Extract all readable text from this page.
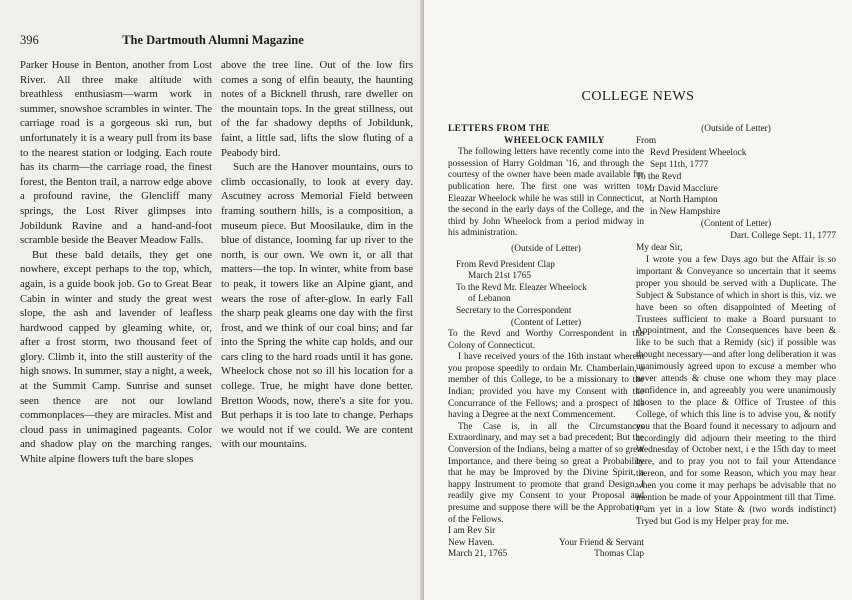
396	The Dartmouth Alumni Magazine

Parker House in Benton, another from Lost River. All three make altitude with breathless enthusiasm—warm work in summer, snowshoe scrambles in winter. The carriage road is a gorgeous ski run, but unfortunately it is a weary pull from its base to the nearest station or lodging. Each route has its charm—the carriage road, the finest forest, the Benton trail, a narrow edge above a profound ravine, the Glencliff many springs, the Lost River glimpses into Jobildunk Ravine and a hand-and-foot scramble beside the Beaver Meadow Falls.

But these bald details, they get one nowhere, except perhaps to the top, which, again, is a guide book job. Go to Great Bear Cabin in winter and study the great west slope, the ash and lavender of leafless hardwood capped by gleaming white, or, after a frost storm, two thousand feet of glory. Climb it, into the still austerity of the high snows. In summer, stay a night, a week, at the Summit Camp. Sunrise and sunset seen thence are not our lowland commonplaces—they are miracles. Mist and cloud pass in unimagined pageants. Color and shadow play on the marching ranges. White alpine flowers tuft the bare slopes

above the tree line. Out of the low firs comes a song of elfin beauty, the haunting notes of a Bicknell thrush, rare dweller on the mountain tops. In the great stillness, out of the far shadowy depths of Jobildunk, faint, a little sad, lifts the slow fluting of a Peabody bird.

Such are the Hanover mountains, ours to climb occasionally, to look at every day. Ascutney across Memorial Field between framing southern hills, is a composition, a museum piece. But Moosilauke, dim in the blue of distance, looming far up river to the north, is our own. We own it, or all that matters—the top. In winter, white from base to peak, it towers like an Alpine giant, and wears the rose of after-glow. In early Fall the sharp peak gleams one day with the first frost, and we think of our coal bins; and far into the Spring the white cap holds, and our cars cling to the hard roads until it has gone. Wheelock chose not so ill his location for a college. True, he might have done better. Bretton Woods, now, there's a site for you. But perhaps it is too late to change. Perhaps we would not if we could. We are content with our mountains.

COLLEGE NEWS
LETTERS FROM THE
WHEELOCK FAMILY

The following letters have recently come into the possession of Harry Goldman '16, and through the courtesy of the owner have been made available for publication here. The first one was written to Eleazar Wheelock while he was still in Connecticut, the second in the early days of the College, and the third by John Wheelock from a period midway in his administration.

(Outside of Letter)
From Revd President Clap
March 21st 1765
To the Revd Mr. Eleazer Wheelock
of Lebanon
Secretary to the Correspondent
(Content of Letter)

To the Revd and Worthy Correspondent in the Colony of Connecticut.

I have received yours of the 16th instant wherein you propose speedily to ordain Mr. Chamberlain, a member of this College, to be a missionary to the Indian; provided you have my Consent with the Concurrance of the Fellows; and a prospect of his having a Degree at the next Commencement.

The Case is, in all the Circumstances Extraordinary, and may set a bad precedent; But the Conversion of the Indians, being a matter of so great Importance, and there being so great a Probability that he may be Improved by the Divine Spirit, a happy Instrument to promote that grand Design, I readily give my Consent to your Proposal and presume and suppose there will be the Approbation of the Fellows.

I am Rev Sir
New Haven.	Your Friend & Servant
March 21, 1765	Thomas Clap
(Outside of Letter)
From
Revd President Wheelock
Sept 11th, 1777
To the Revd
Mr David Macclure
at North Hampton
in New Hampshire
(Content of Letter)
Dart. College Sept. 11, 1777
My dear Sir,

I wrote you a few Days ago but the Affair is so important & Conveyance so uncertain that it seems proper you should be served with a Duplicate. The Subject & Substance of which in short is this, viz. we have been so often disappointed of Meeting of Trustees sufficient to make a Board pursuant to Appointment, and the Consequences have been & like to be such that a Remidy (sic) if possible was thought necessary—and after long deliberation it was unanimously agreed upon to excuse a member who never attends & chuse one whom they may place confidence in, and agreeably you were unanimously chosen to the place & Office of Trustee of this College, of which this line is to advise you, & notify you that the Board found it necessary to adjourn and accordingly did adjourn their meeting to the third Wednesday of October next, i e the 15th day to meet here, and to pray you not to fail your Attendance thereon, and for some Reason, which you may hear when you come it may perhaps be advisable that no mention be made of your Appointment till that Time. I am yet in a low State & (two words indistinct) Tryed but God is my Helper pray for me.
